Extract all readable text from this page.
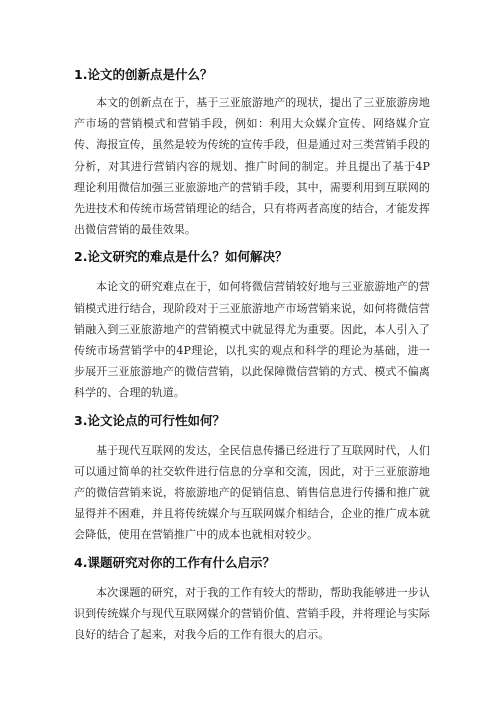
1.论文的创新点是什么？

本文的创新点在于，基于三亚旅游地产的现状，提出了三亚旅游房地产市场的营销模式和营销手段，例如：利用大众媒介宣传、网络媒介宣传、海报宣传，虽然是较为传统的宣传手段，但是通过对三类营销手段的分析，对其进行营销内容的规划、推广时间的制定。并且提出了基于4P理论利用微信加强三亚旅游地产的营销手段，其中，需要利用到互联网的先进技术和传统市场营销理论的结合，只有将两者高度的结合，才能发挥出微信营销的最佳效果。

2.论文研究的难点是什么？如何解决？

本论文的研究难点在于，如何将微信营销较好地与三亚旅游地产的营销模式进行结合，现阶段对于三亚旅游地产市场营销来说，如何将微信营销融入到三亚旅游地产的营销模式中就显得尤为重要。因此，本人引入了传统市场营销学中的4P理论，以扎实的观点和科学的理论为基础，进一步展开三亚旅游地产的微信营销，以此保障微信营销的方式、模式不偏离科学的、合理的轨道。

3.论文论点的可行性如何？

基于现代互联网的发达，全民信息传播已经进行了互联网时代，人们可以通过简单的社交软件进行信息的分享和交流，因此，对于三亚旅游地产的微信营销来说，将旅游地产的促销信息、销售信息进行传播和推广就显得并不困难，并且将传统媒介与互联网媒介相结合，企业的推广成本就会降低，使用在营销推广中的成本也就相对较少。

4.课题研究对你的工作有什么启示？

本次课题的研究，对于我的工作有较大的帮助，帮助我能够进一步认识到传统媒介与现代互联网媒介的营销价值、营销手段，并将理论与实际良好的结合了起来，对我今后的工作有很大的启示。
